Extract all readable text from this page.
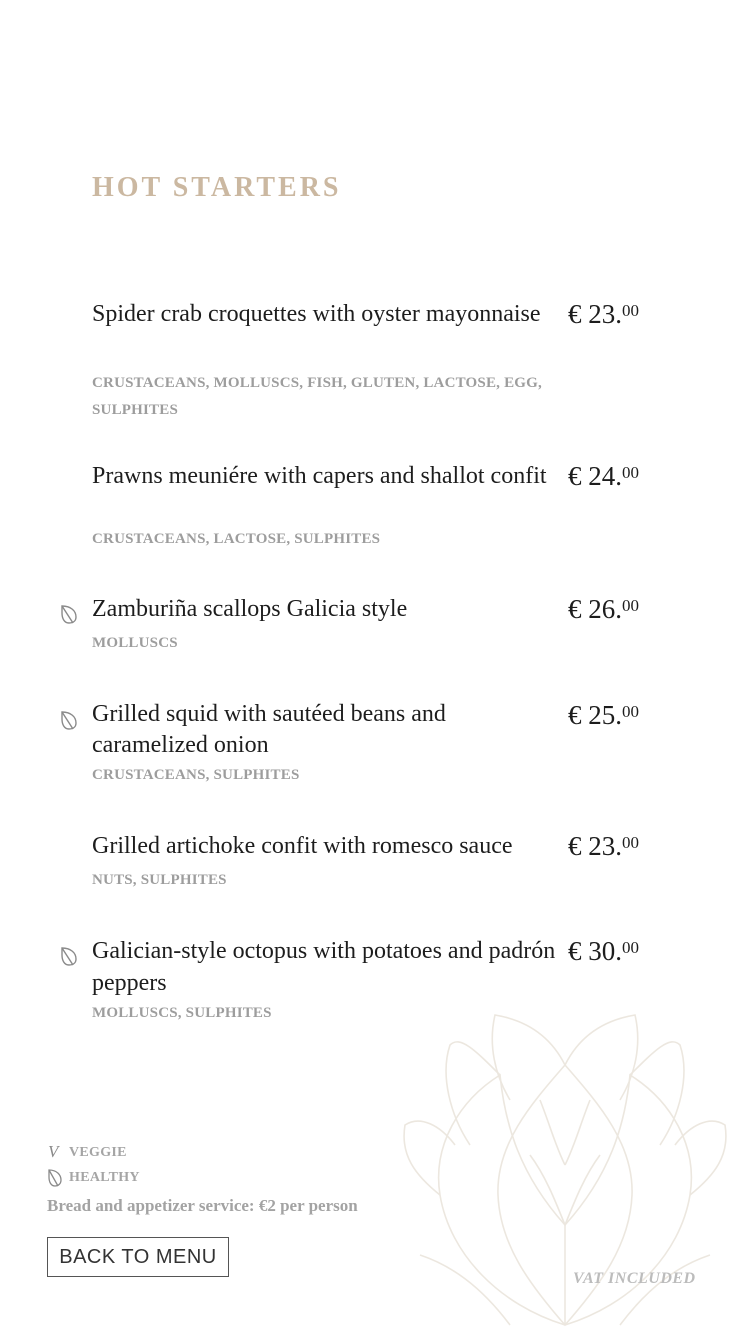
HOT STARTERS

Spider crab croquettes with oyster mayonnaise

CRUSTACEANS, MOLLUSCS, FISH, GLUTEN, LACTOSE, EGG, SULPHITES

€ 23.00

Prawns meuniére with capers and shallot confit

CRUSTACEANS, LACTOSE, SULPHITES

€ 24.00

Zamburiña scallops Galicia style

MOLLUSCS

€ 26.00

Grilled squid with sautéed beans and caramelized onion

CRUSTACEANS, SULPHITES

€ 25.00

Grilled artichoke confit with romesco sauce

NUTS, SULPHITES

€ 23.00

Galician-style octopus with potatoes and padrón peppers

MOLLUSCS, SULPHITES

€ 30.00

V VEGGIE
HEALTHY

Bread and appetizer service: €2 per person

BACK TO MENU

VAT INCLUDED
